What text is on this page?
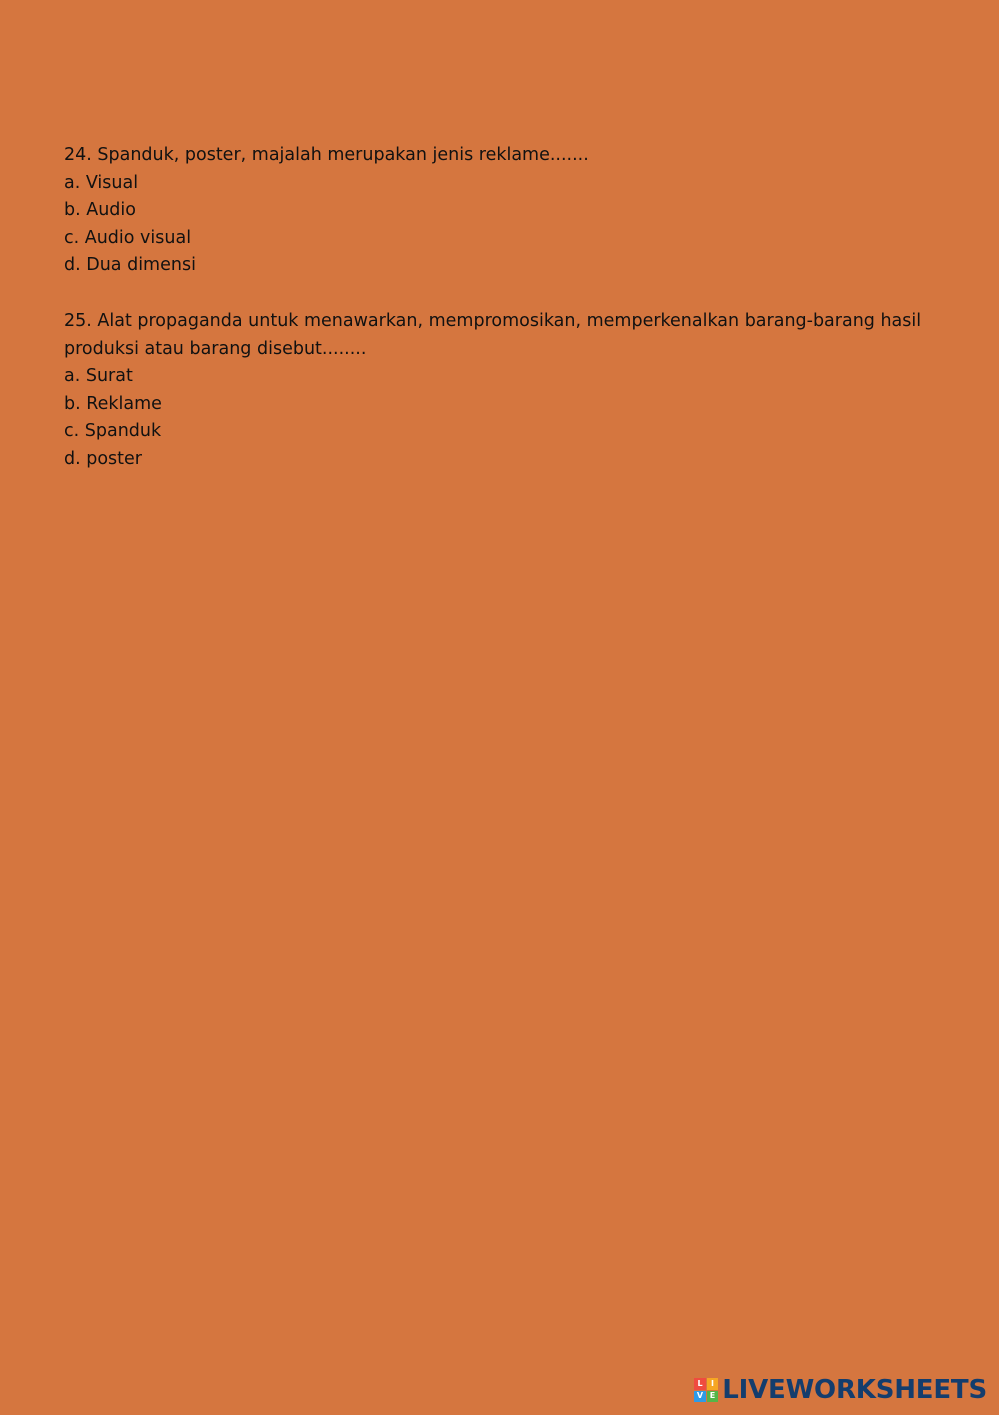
24. Spanduk, poster, majalah merupakan jenis reklame.......
a. Visual
b. Audio
c. Audio visual
d. Dua dimensi
25. Alat propaganda untuk menawarkan, mempromosikan, memperkenalkan barang-barang hasil produksi atau barang disebut........
a. Surat
b. Reklame
c. Spanduk
d. poster
L	I
V E LIVEWORKSHEETS
